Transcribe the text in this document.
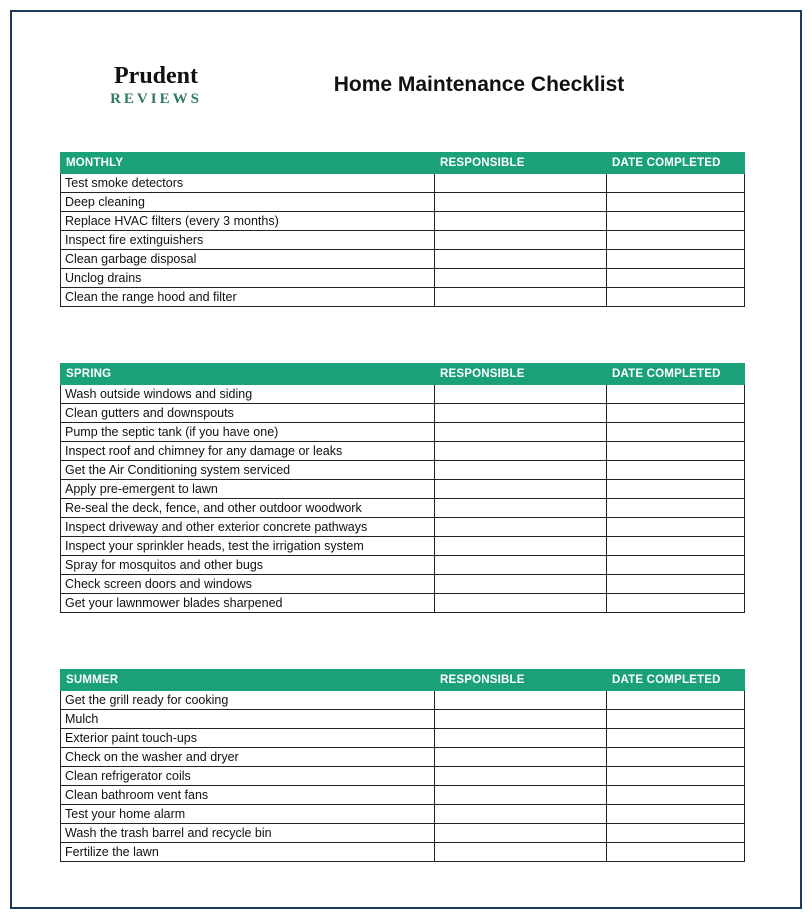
Prudent
REVIEWS
Home Maintenance Checklist
MONTHLY	RESPONSIBLE	DATE COMPLETED
Test smoke detectors		
Deep cleaning		
Replace HVAC filters (every 3 months)		
Inspect fire extinguishers		
Clean garbage disposal		
Unclog drains		
Clean the range hood and filter		
SPRING	RESPONSIBLE	DATE COMPLETED
Wash outside windows and siding		
Clean gutters and downspouts		
Pump the septic tank (if you have one)		
Inspect roof and chimney for any damage or leaks		
Get the Air Conditioning system serviced		
Apply pre-emergent to lawn		
Re-seal the deck, fence, and other outdoor woodwork		
Inspect driveway and other exterior concrete pathways		
Inspect your sprinkler heads, test the irrigation system		
Spray for mosquitos and other bugs		
Check screen doors and windows		
Get your lawnmower blades sharpened		
SUMMER	RESPONSIBLE	DATE COMPLETED
Get the grill ready for cooking		
Mulch		
Exterior paint touch-ups		
Check on the washer and dryer		
Clean refrigerator coils		
Clean bathroom vent fans		
Test your home alarm		
Wash the trash barrel and recycle bin		
Fertilize the lawn		
